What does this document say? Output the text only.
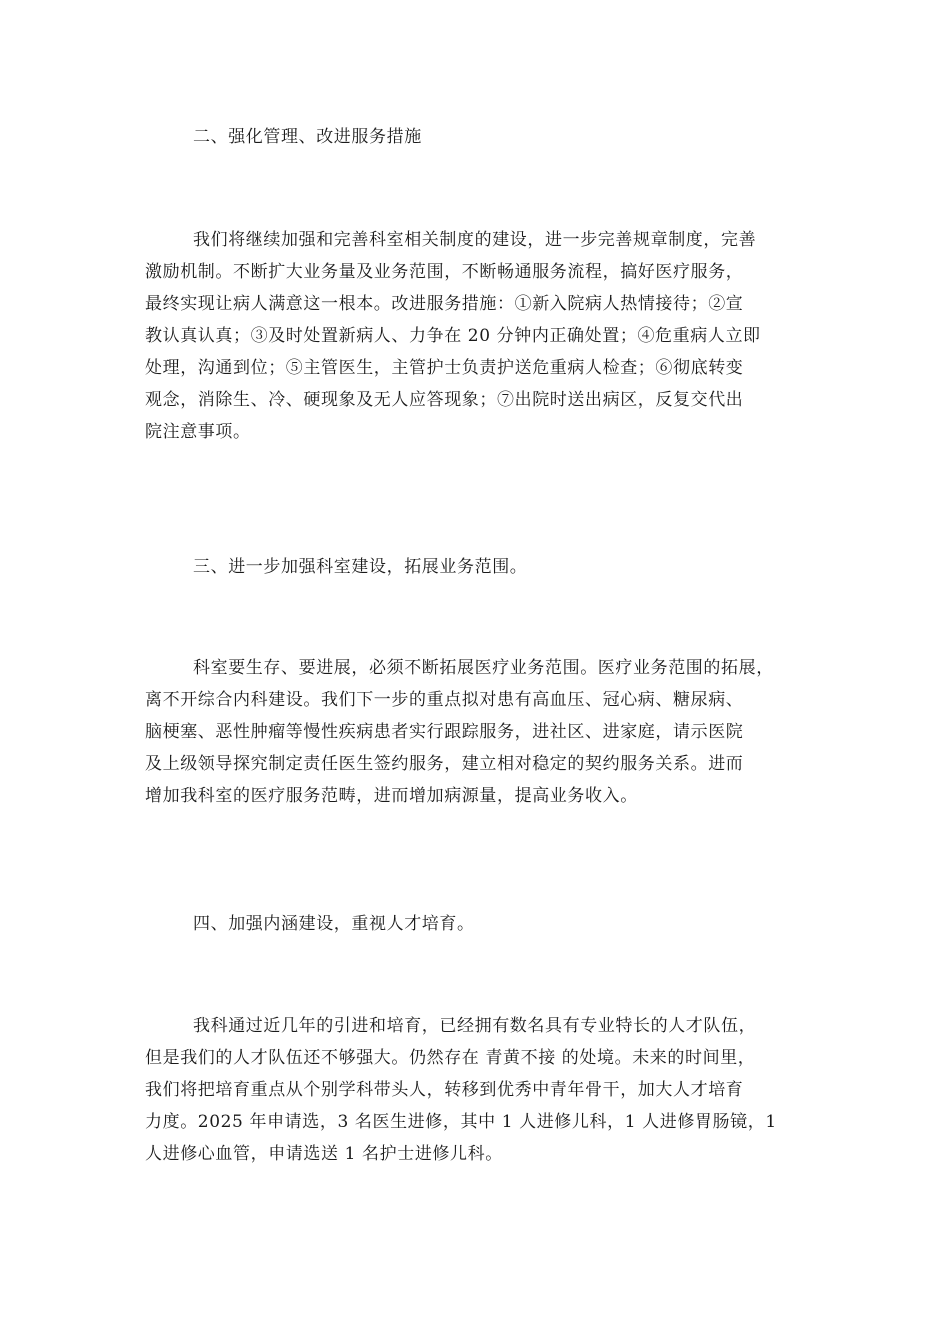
二、强化管理、改进服务措施
我们将继续加强和完善科室相关制度的建设，进一步完善规章制度，完善
激励机制。不断扩大业务量及业务范围，不断畅通服务流程，搞好医疗服务，
最终实现让病人满意这一根本。改进服务措施：①新入院病人热情接待；②宣
教认真认真；③及时处置新病人、力争在 20 分钟内正确处置；④危重病人立即
处理，沟通到位；⑤主管医生，主管护士负责护送危重病人检查；⑥彻底转变
观念，消除生、冷、硬现象及无人应答现象；⑦出院时送出病区，反复交代出
院注意事项。
三、进一步加强科室建设，拓展业务范围。
科室要生存、要进展，必须不断拓展医疗业务范围。医疗业务范围的拓展，
离不开综合内科建设。我们下一步的重点拟对患有高血压、冠心病、糖尿病、
脑梗塞、恶性肿瘤等慢性疾病患者实行跟踪服务，进社区、进家庭，请示医院
及上级领导探究制定责任医生签约服务，建立相对稳定的契约服务关系。进而
增加我科室的医疗服务范畴，进而增加病源量，提高业务收入。
四、加强内涵建设，重视人才培育。
我科通过近几年的引进和培育，已经拥有数名具有专业特长的人才队伍，
但是我们的人才队伍还不够强大。仍然存在 青黄不接 的处境。未来的时间里，
我们将把培育重点从个别学科带头人，转移到优秀中青年骨干，加大人才培育
力度。2025 年申请选，3 名医生进修，其中 1 人进修儿科，1 人进修胃肠镜，1
人进修心血管，申请选送 1 名护士进修儿科。
